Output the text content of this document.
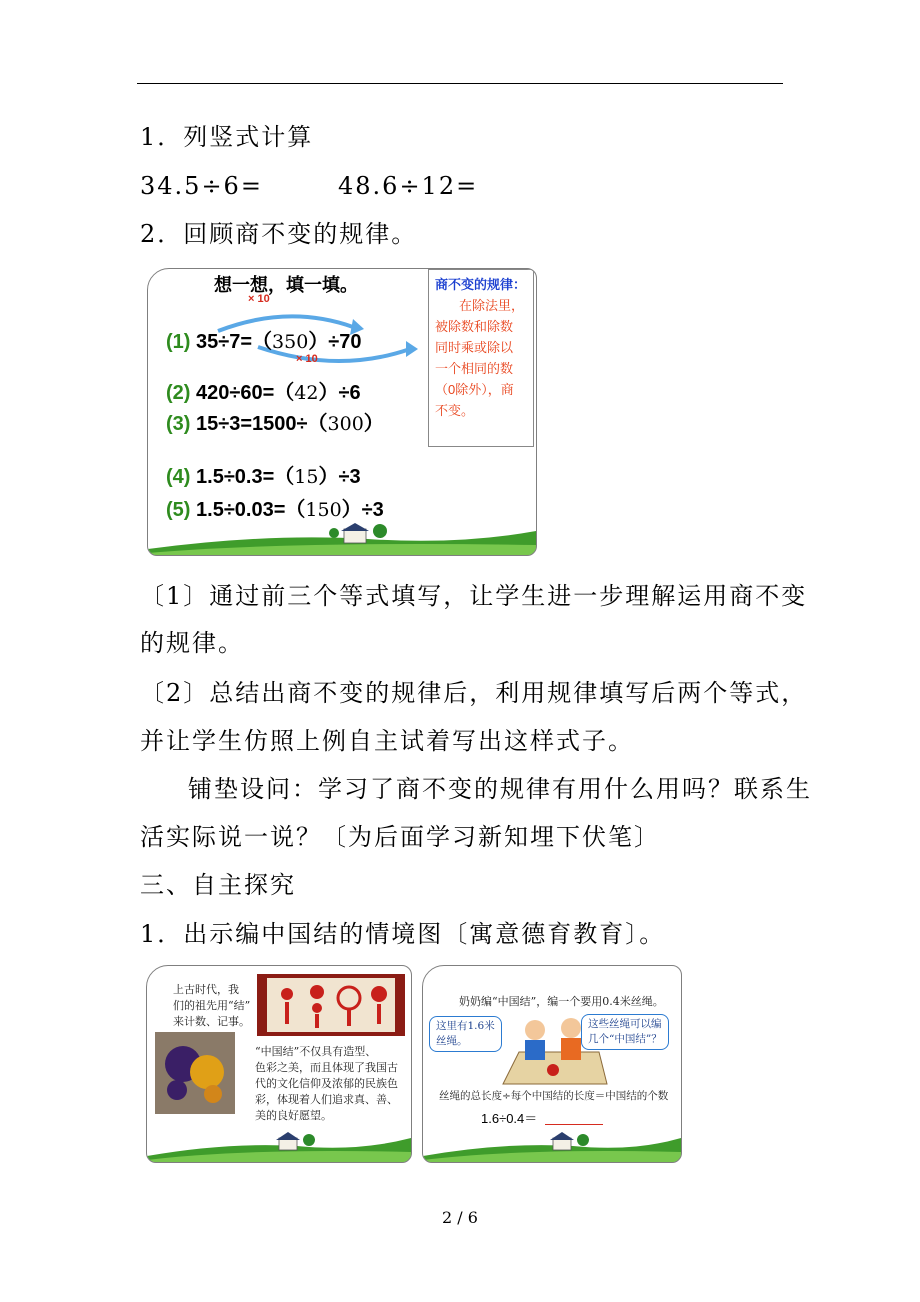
1．列竖式计算
34.5÷6=	48.6÷12=
2．回顾商不变的规律。
想一想，填一填。
× 10
× 10
(1) 35÷7=（350）÷70
(2) 420÷60=（42）÷6
(3) 15÷3=1500÷（300）
(4) 1.5÷0.3=（15）÷3
(5) 1.5÷0.03=（150）÷3
商不变的规律：
在除法里，
被除数和除数
同时乘或除以
一个相同的数
（0除外），商
不变。
〔1〕通过前三个等式填写，让学生进一步理解运用商不变
的规律。
〔2〕总结出商不变的规律后，利用规律填写后两个等式，
并让学生仿照上例自主试着写出这样式子。
铺垫设问：学习了商不变的规律有用什么用吗？联系生
活实际说一说？〔为后面学习新知埋下伏笔〕
三、自主探究
1．出示编中国结的情境图〔寓意德育教育〕。
上古时代，我
们的祖先用“结”
来计数、记事。
“中国结”不仅具有造型、
色彩之美，而且体现了我国古
代的文化信仰及浓郁的民族色
彩，体现着人们追求真、善、
美的良好愿望。
奶奶编“中国结”，编一个要用0.4米丝绳。
这里有1.6米
丝绳。
这些丝绳可以编
几个“中国结”？
丝绳的总长度÷每个中国结的长度＝中国结的个数
1.6÷0.4＝
2 / 6
